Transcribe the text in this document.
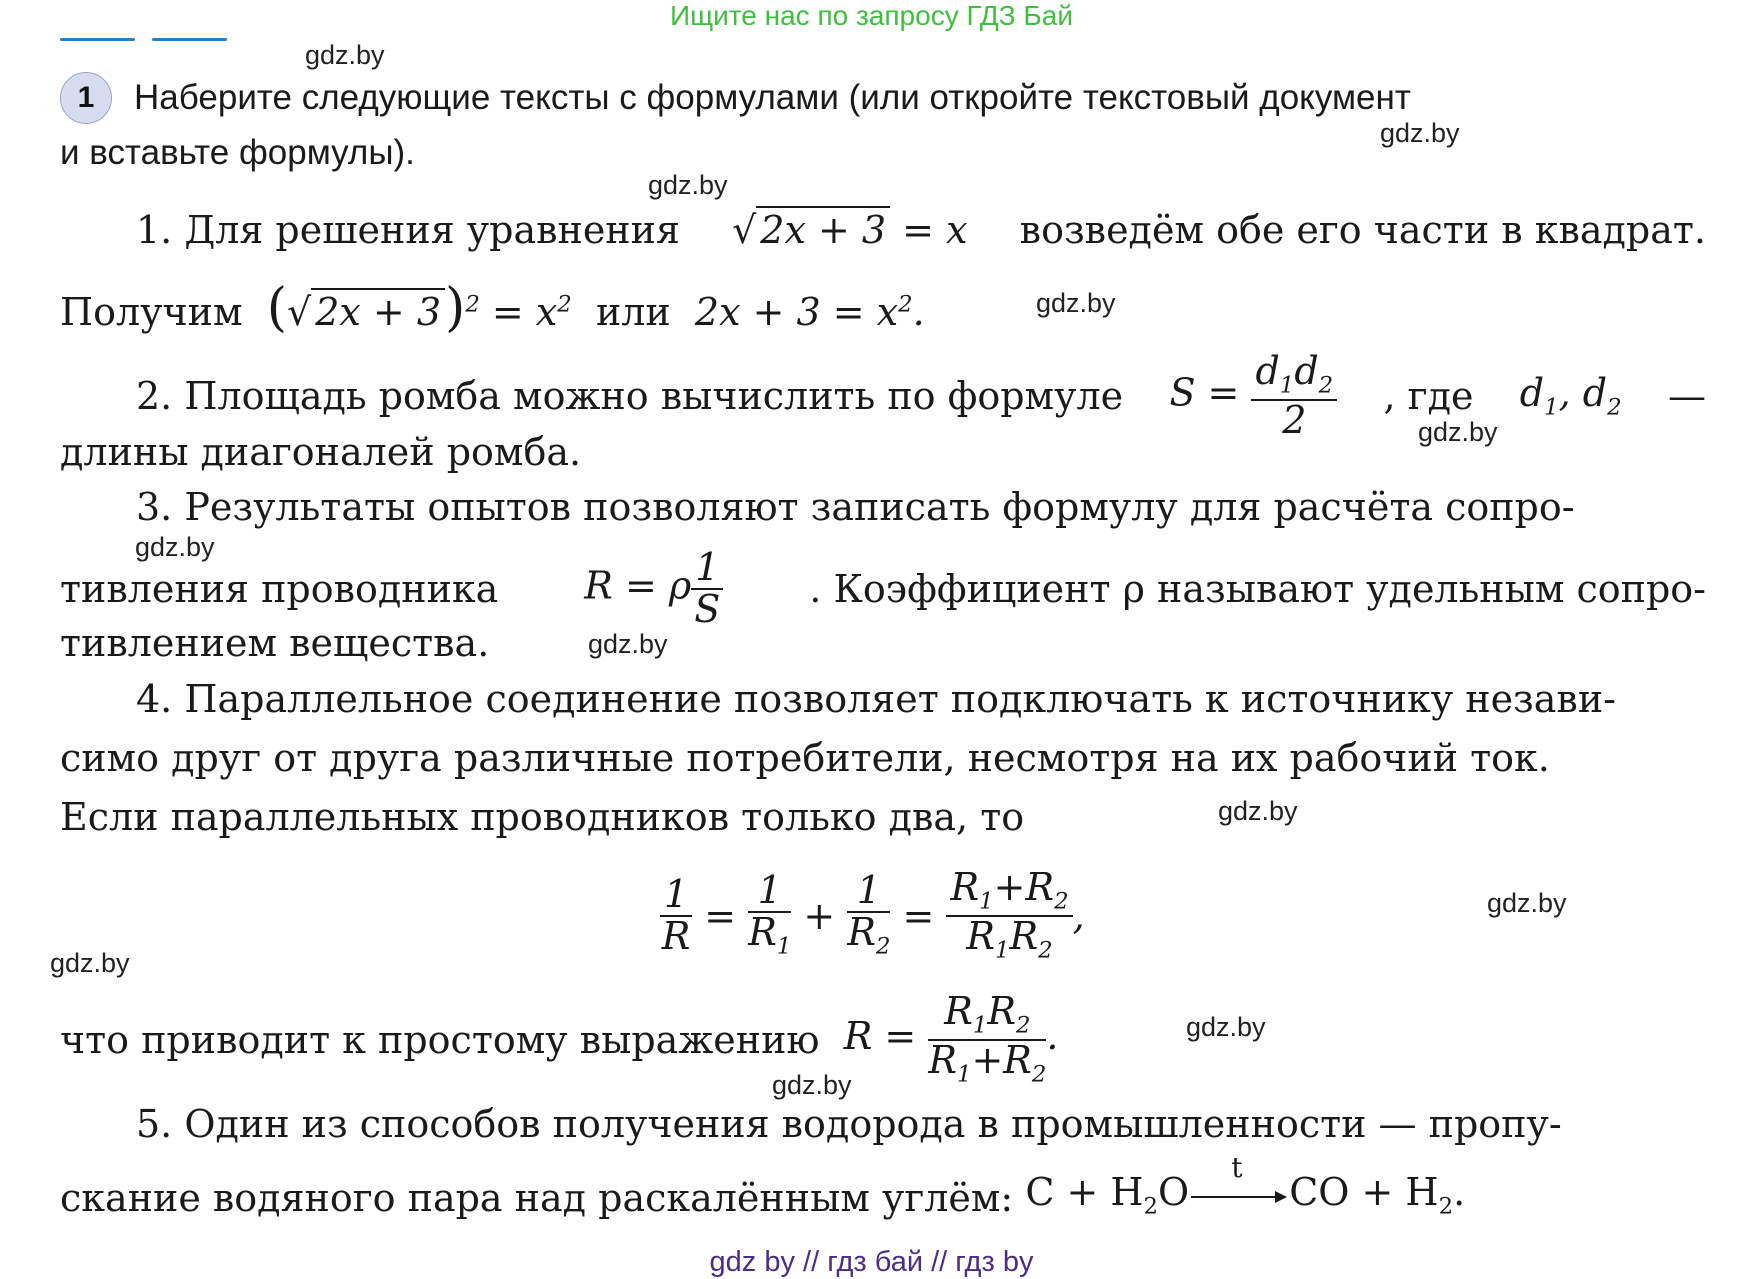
Ищите нас по запросу ГДЗ Бай
gdz.by
gdz.by
gdz.by
gdz.by
gdz.by
gdz.by
gdz.by
gdz.by
gdz.by
gdz.by
gdz.by
gdz.by
1	Наберите следующие тексты с формулами (или откройте текстовый документ
и вставьте формулы).
1. Для решения уравнения √ 2x + 3 = x возведём обе его части в квадрат.
Получим (√ $2x + 3)^2 = x^2$ или $2x + 3 = x^2$.
2. Площадь ромба можно вычислить по формуле $S = \frac{d_1d_2}{2}$ , где $d_1$, $d_2$ —
длины диагоналей ромба.
3. Результаты опытов позволяют записать формулу для расчёта сопро-
тивления проводника R = ρ $\frac{1}{S}$ . Коэффициент ρ называют удельным сопро-
тивлением вещества.
4. Параллельное соединение позволяет подключать к источнику незави-
симо друг от друга различные потребители, несмотря на их рабочий ток.
Если параллельных проводников только два, то
$\frac{1}{R} = \frac{1}{R_1} + \frac{1}{R_2} = \frac{R_1+R_2}{R_1R_2}$ ,
что приводит к простому выражению
$R = \frac{R_1R_2}{R_1+R_2}$ .
5. Один из способов получения водорода в промышленности — пропу-
скание водяного пара над раскалённым углём:
$C + H_2O$
t
CO + $H_2$.
gdz by // гдз бай // гдз by
